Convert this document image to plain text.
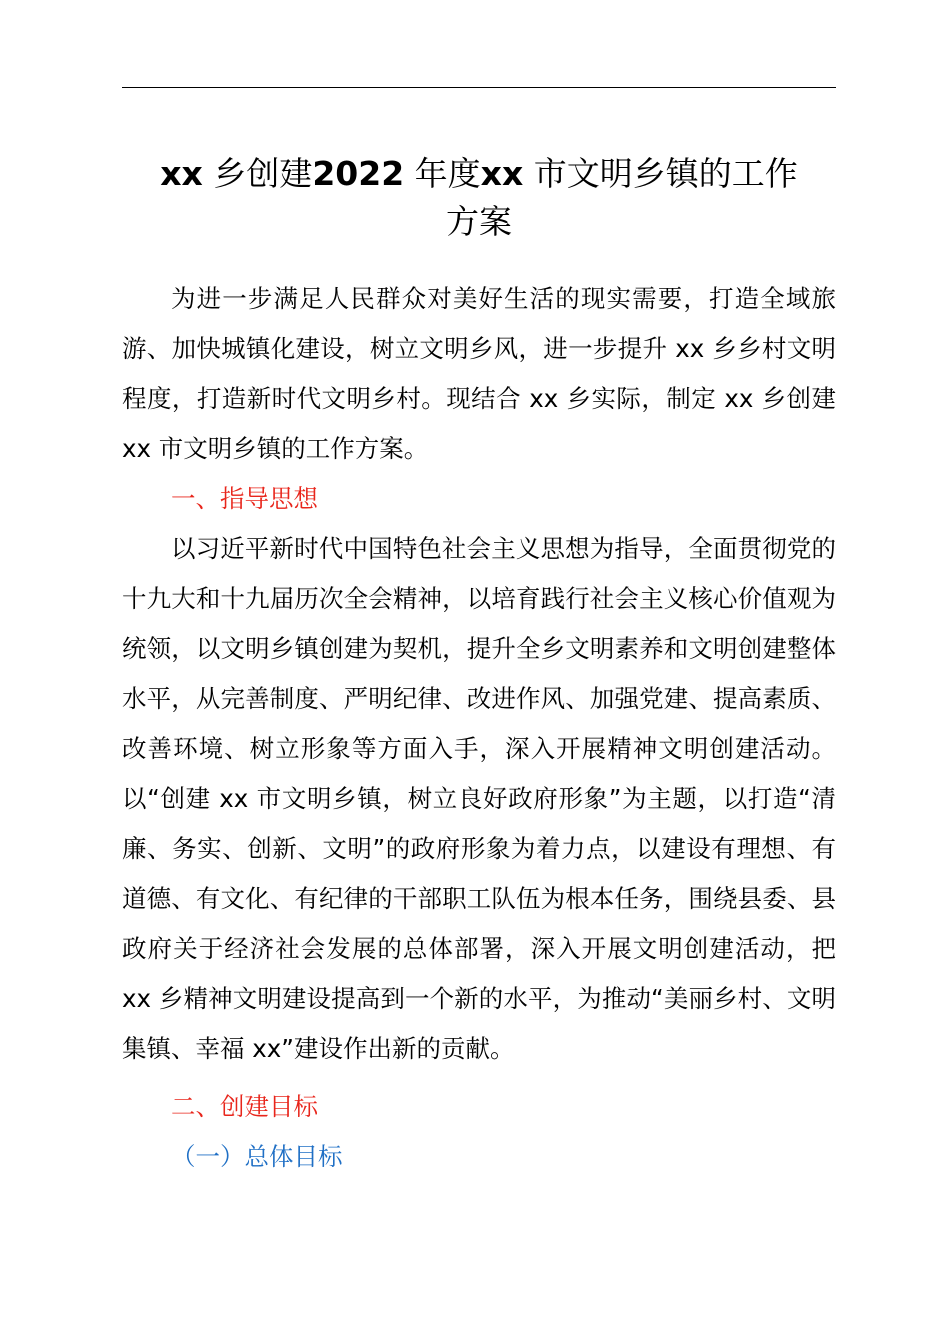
xx 乡创建2022 年度xx 市文明乡镇的工作
方案

为进一步满足人民群众对美好生活的现实需要，打造全域旅游、加快城镇化建设，树立文明乡风，进一步提升 xx 乡乡村文明程度，打造新时代文明乡村。现结合 xx 乡实际，制定 xx 乡创建 xx 市文明乡镇的工作方案。

一、指导思想

以习近平新时代中国特色社会主义思想为指导，全面贯彻党的十九大和十九届历次全会精神，以培育践行社会主义核心价值观为统领，以文明乡镇创建为契机，提升全乡文明素养和文明创建整体水平，从完善制度、严明纪律、改进作风、加强党建、提高素质、改善环境、树立形象等方面入手，深入开展精神文明创建活动。以“创建 xx 市文明乡镇，树立良好政府形象”为主题，以打造“清廉、务实、创新、文明”的政府形象为着力点，以建设有理想、有道德、有文化、有纪律的干部职工队伍为根本任务，围绕县委、县政府关于经济社会发展的总体部署，深入开展文明创建活动，把 xx 乡精神文明建设提高到一个新的水平，为推动“美丽乡村、文明集镇、幸福 xx”建设作出新的贡献。

二、创建目标

（一）总体目标
